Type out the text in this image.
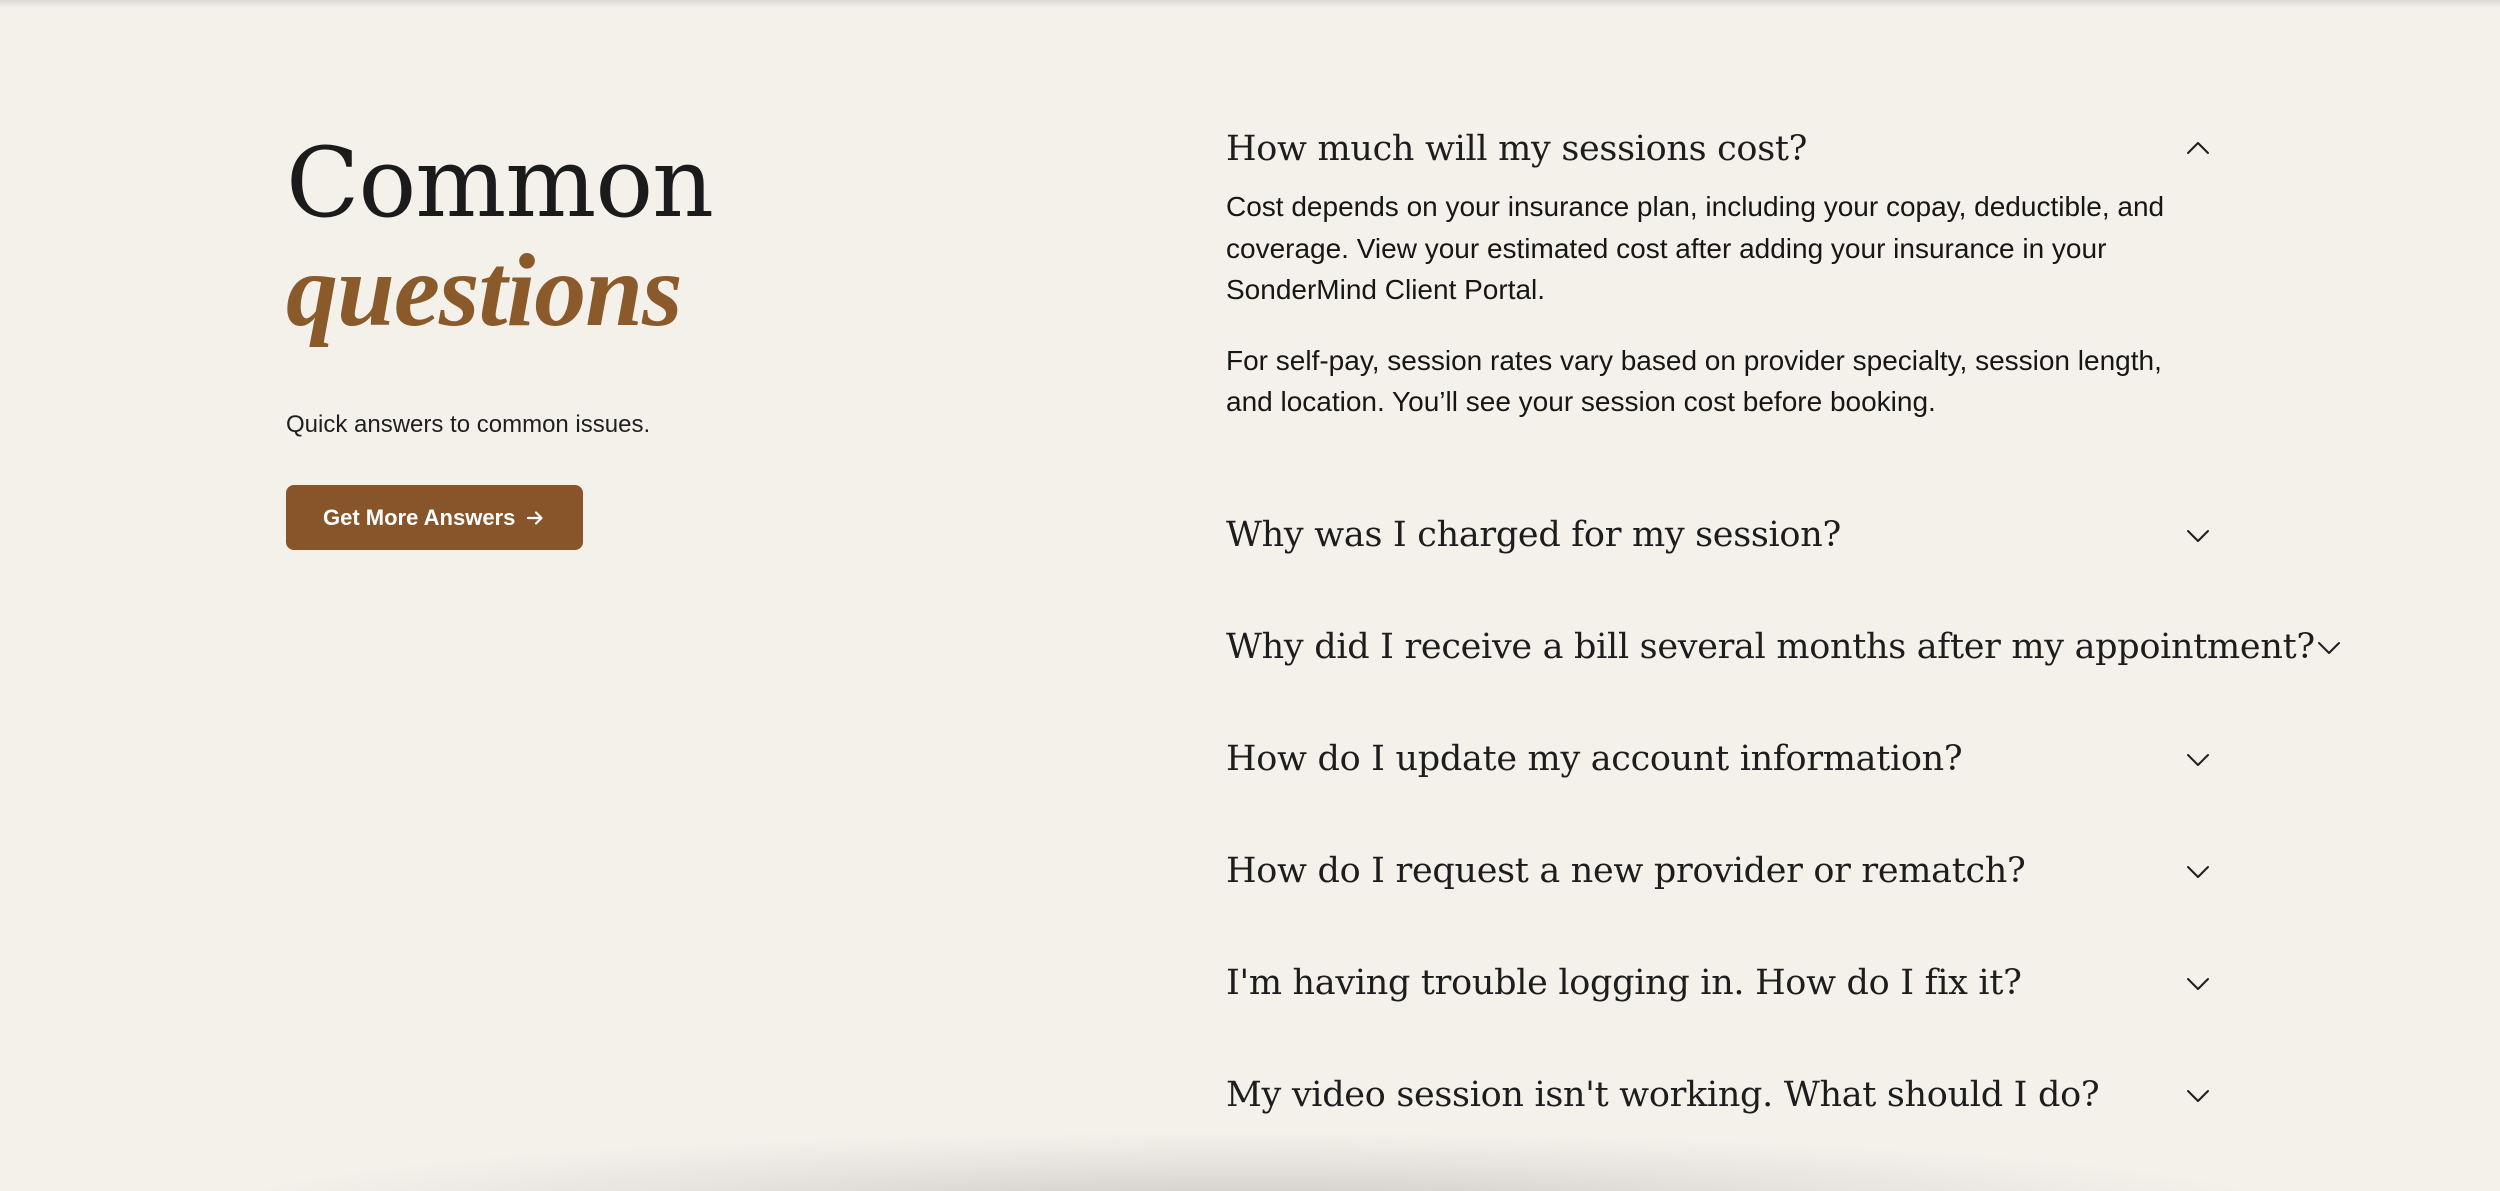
Common
questions
Quick answers to common issues.
Get More Answers
How much will my sessions cost?

Cost depends on your insurance plan, including your copay, deductible, and coverage. View your estimated cost after adding your insurance in your SonderMind Client Portal.

For self-pay, session rates vary based on provider specialty, session length, and location. You’ll see your session cost before booking.

Why was I charged for my session?
Why did I receive a bill several months after my appointment?
How do I update my account information?
How do I request a new provider or rematch?
I'm having trouble logging in. How do I fix it?
My video session isn't working. What should I do?
